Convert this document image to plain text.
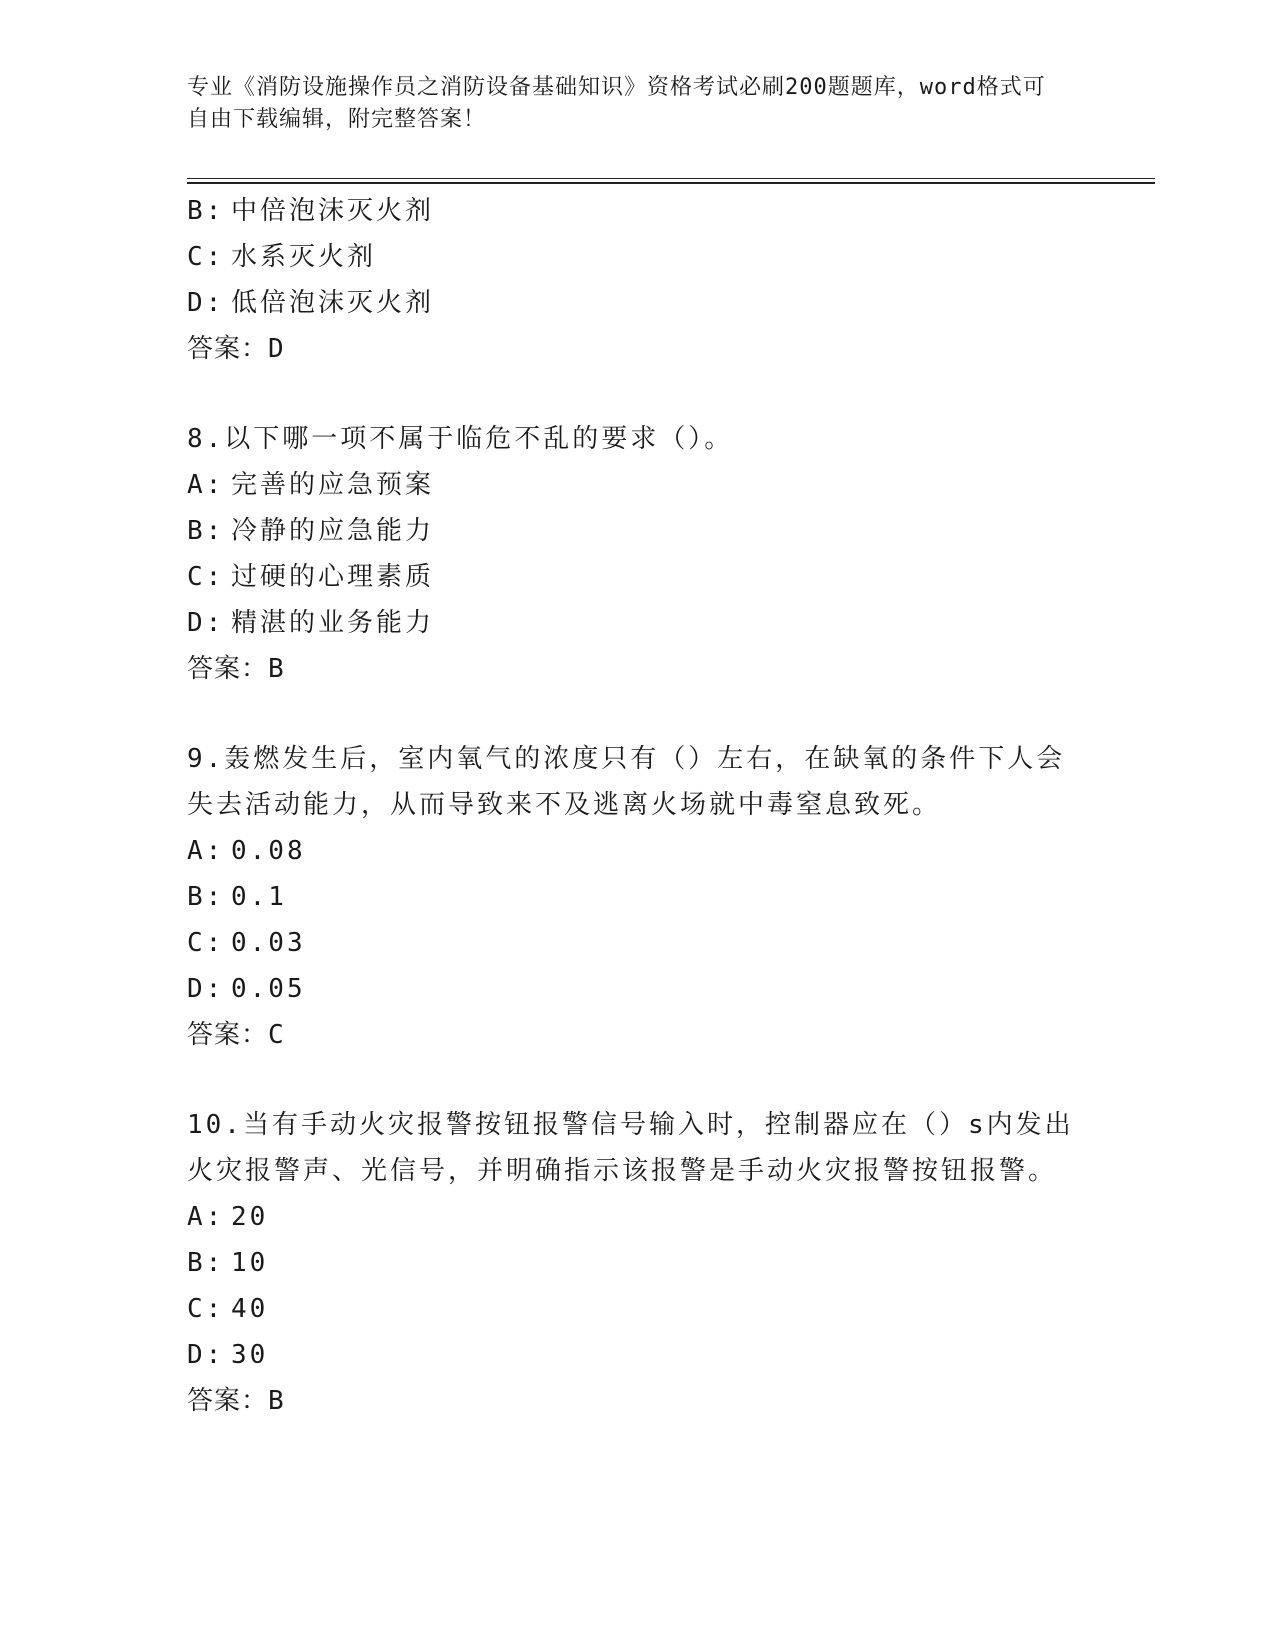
专业《消防设施操作员之消防设备基础知识》资格考试必刷200题题库，word格式可自由下载编辑，附完整答案！
B: 中倍泡沫灭火剂
C: 水系灭火剂
D: 低倍泡沫灭火剂
答案：D
8.以下哪一项不属于临危不乱的要求（）。
A: 完善的应急预案
B: 冷静的应急能力
C: 过硬的心理素质
D: 精湛的业务能力
答案：B
9.轰燃发生后，室内氧气的浓度只有（）左右，在缺氧的条件下人会失去活动能力，从而导致来不及逃离火场就中毒窒息致死。
A: 0.08
B: 0.1
C: 0.03
D: 0.05
答案：C
10.当有手动火灾报警按钮报警信号输入时，控制器应在（）s内发出火灾报警声、光信号，并明确指示该报警是手动火灾报警按钮报警。
A: 20
B: 10
C: 40
D: 30
答案：B
